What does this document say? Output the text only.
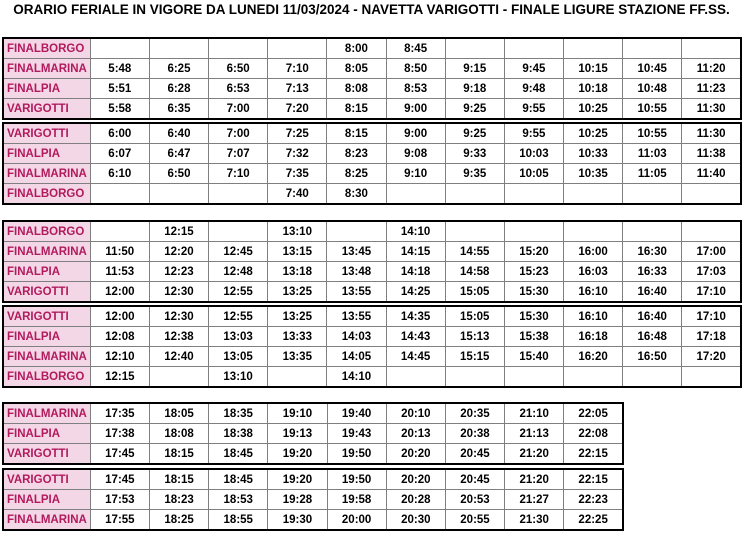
ORARIO FERIALE IN VIGORE DA LUNEDI 11/03/2024 - NAVETTA VARIGOTTI - FINALE LIGURE STAZIONE FF.SS.
FINALBORGO					8:00	8:45					
FINALMARINA	5:48	6:25	6:50	7:10	8:05	8:50	9:15	9:45	10:15	10:45	11:20
FINALPIA	5:51	6:28	6:53	7:13	8:08	8:53	9:18	9:48	10:18	10:48	11:23
VARIGOTTI	5:58	6:35	7:00	7:20	8:15	9:00	9:25	9:55	10:25	10:55	11:30
VARIGOTTI	6:00	6:40	7:00	7:25	8:15	9:00	9:25	9:55	10:25	10:55	11:30
FINALPIA	6:07	6:47	7:07	7:32	8:23	9:08	9:33	10:03	10:33	11:03	11:38
FINALMARINA	6:10	6:50	7:10	7:35	8:25	9:10	9:35	10:05	10:35	11:05	11:40
FINALBORGO				7:40	8:30						
FINALBORGO		12:15		13:10		14:10					
FINALMARINA	11:50	12:20	12:45	13:15	13:45	14:15	14:55	15:20	16:00	16:30	17:00
FINALPIA	11:53	12:23	12:48	13:18	13:48	14:18	14:58	15:23	16:03	16:33	17:03
VARIGOTTI	12:00	12:30	12:55	13:25	13:55	14:25	15:05	15:30	16:10	16:40	17:10
VARIGOTTI	12:00	12:30	12:55	13:25	13:55	14:35	15:05	15:30	16:10	16:40	17:10
FINALPIA	12:08	12:38	13:03	13:33	14:03	14:43	15:13	15:38	16:18	16:48	17:18
FINALMARINA	12:10	12:40	13:05	13:35	14:05	14:45	15:15	15:40	16:20	16:50	17:20
FINALBORGO	12:15		13:10		14:10						
FINALMARINA	17:35	18:05	18:35	19:10	19:40	20:10	20:35	21:10	22:05
FINALPIA	17:38	18:08	18:38	19:13	19:43	20:13	20:38	21:13	22:08
VARIGOTTI	17:45	18:15	18:45	19:20	19:50	20:20	20:45	21:20	22:15
VARIGOTTI	17:45	18:15	18:45	19:20	19:50	20:20	20:45	21:20	22:15
FINALPIA	17:53	18:23	18:53	19:28	19:58	20:28	20:53	21:27	22:23
FINALMARINA	17:55	18:25	18:55	19:30	20:00	20:30	20:55	21:30	22:25
